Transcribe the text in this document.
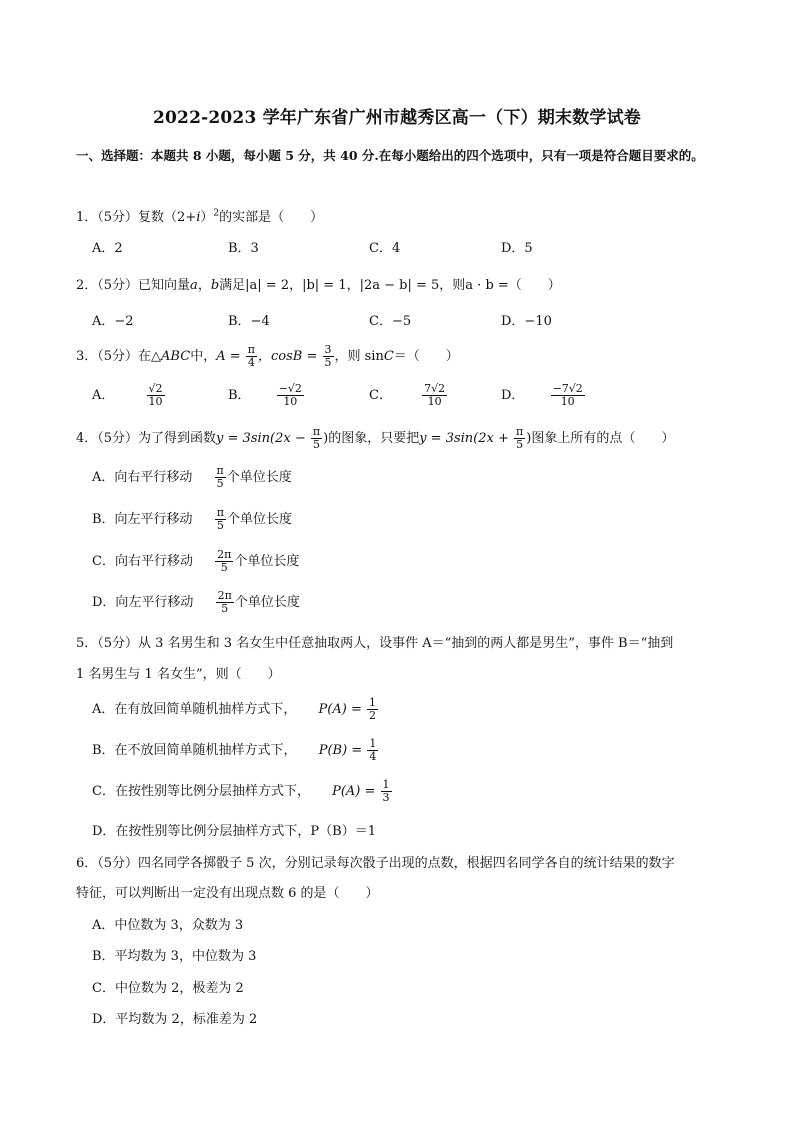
2022-2023 学年广东省广州市越秀区高一（下）期末数学试卷
一、选择题：本题共 8 小题，每小题 5 分，共 40 分.在每小题给出的四个选项中，只有一项是符合题目要求的。
1．（5分）复数$(2+i)^2$的实部是（　　）
A．2	B．3	C．4	D．5
2．（5分）已知向量a，b满足|a| = 2，|b| = 1，|2a − b| = 5，则a · b =（　　）
A．−2	B．−4	C．−5	D．−10
3．（5分）在△ABC中，$A = \frac{\pi}{4}$ ，$\cos B = \frac{3}{5}$ ，则 sinC＝（　　）
A．	$\frac{√2}{10}$	B． $\frac{-√2}{10}$	C．	$\frac{7√2}{10}$	D． $\frac{-7√2}{10}$
4．（5分）为了得到函数$y = 3\sin(2x - \frac{\pi}{5}$ )的图象，只要把$y = 3\sin(2x + \frac{\pi}{5}$ )图象上所有的点（　　）
A．向右平行移动 $\frac{\pi}{5}$ 个单位长度
B．向左平行移动 $\frac{\pi}{5}$ 个单位长度
C．向右平行移动 $\frac{2\pi}{5}$ 个单位长度
D．向左平行移动 $\frac{2\pi}{5}$ 个单位长度
5．（5分）从 3 名男生和 3 名女生中任意抽取两人，设事件 A＝“抽到的两人都是男生”，事件 B＝“抽到
1 名男生与 1 名女生”，则（　　）
A．在有放回简单随机抽样方式下， $P(A) = \frac{1}{2}$
B．在不放回简单随机抽样方式下， $P(B) = \frac{1}{4}$
C．在按性别等比例分层抽样方式下， $P(A) = \frac{1}{3}$
D．在按性别等比例分层抽样方式下，P（B）＝1
6．（5分）四名同学各掷骰子 5 次，分别记录每次骰子出现的点数，根据四名同学各自的统计结果的数字
特征，可以判断出一定没有出现点数 6 的是（　　）
A．中位数为 3，众数为 3
B．平均数为 3，中位数为 3
C．中位数为 2，极差为 2
D．平均数为 2，标准差为 2
